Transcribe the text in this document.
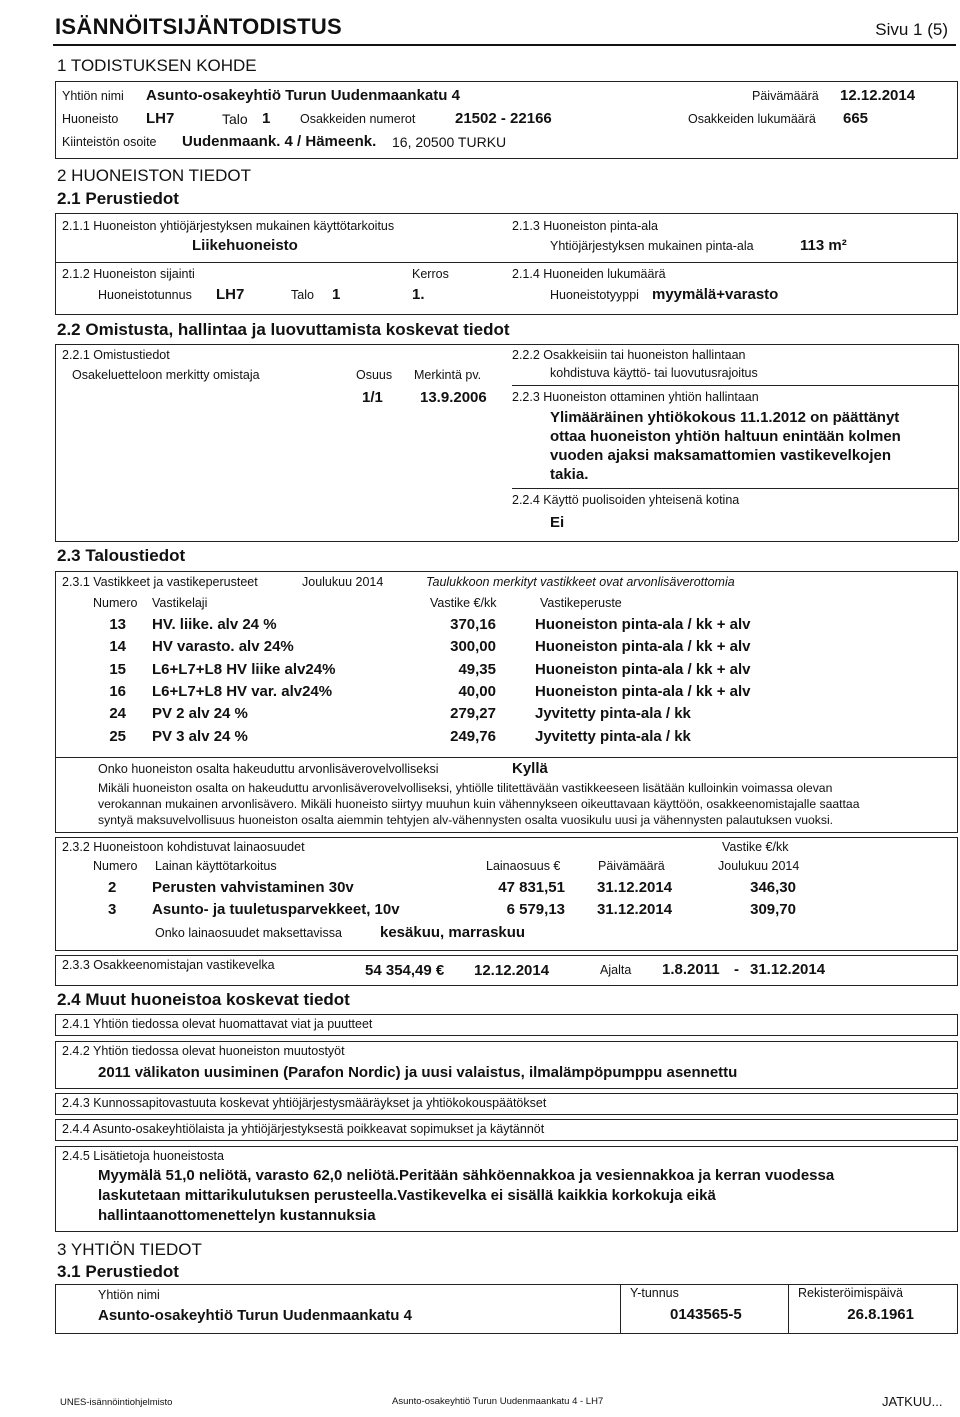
ISÄNNÖITSIJÄNTODISTUS	Sivu 1 (5)
1 TODISTUKSEN KOHDE
Yhtiön nimi Asunto-osakeyhtiö Turun Uudenmaankatu 4	Päivämäärä 12.12.2014
Huoneisto LH7	Talo 1 Osakkeiden numerot	21502 - 22166	Osakkeiden lukumäärä 665
Kiinteistön osoite Uudenmaank. 4 / Hämeenk. 16, 20500 TURKU
2 HUONEISTON TIEDOT
2.1 Perustiedot
2.1.1 Huoneiston yhtiöjärjestyksen mukainen käyttötarkoitus
Liikehuoneisto
2.1.3 Huoneiston pinta-ala
Yhtiöjärjestyksen mukainen pinta-ala	113 m²
2.1.2 Huoneiston sijainti	Kerros	2.1.4 Huoneiden lukumäärä
Huoneistotunnus LH7	Talo 1	1.	Huoneistotyyppi myymälä+varasto
2.2 Omistusta, hallintaa ja luovuttamista koskevat tiedot
2.2.1 Omistustiedot
Osakeluetteloon merkitty omistaja	Osuus Merkintä pv.
1/1 13.9.2006
2.2.2 Osakkeisiin tai huoneiston hallintaan
kohdistuva käyttö- tai luovutusrajoitus
2.2.3 Huoneiston ottaminen yhtiön hallintaan
Ylimääräinen yhtiökokous 11.1.2012 on päättänyt
ottaa huoneiston yhtiön haltuun enintään kolmen
vuoden ajaksi maksamattomien vastikevelkojen
takia.
2.2.4 Käyttö puolisoiden yhteisenä kotina
Ei
2.3 Taloustiedot
2.3.1 Vastikkeet ja vastikeperusteet	Joulukuu 2014	Taulukkoon merkityt vastikkeet ovat arvonlisäverottomia
Numero Vastikelaji	Vastike €/kk	Vastikeperuste
13 HV. liike. alv 24 %	370,16	Huoneiston pinta-ala / kk + alv
14 HV varasto. alv 24%	300,00	Huoneiston pinta-ala / kk + alv
15 L6+L7+L8 HV liike alv24%	49,35	Huoneiston pinta-ala / kk + alv
16 L6+L7+L8 HV var. alv24%	40,00	Huoneiston pinta-ala / kk + alv
24 PV 2 alv 24 %	279,27	Jyvitetty pinta-ala / kk
25 PV 3 alv 24 %	249,76	Jyvitetty pinta-ala / kk
Onko huoneiston osalta hakeuduttu arvonlisäverovelvolliseksi	Kyllä
Mikäli huoneiston osalta on hakeuduttu arvonlisäverovelvolliseksi, yhtiölle tilitettävään vastikkeeseen lisätään kulloinkin voimassa olevan verokannan mukainen arvonlisävero. Mikäli huoneisto siirtyy muuhun kuin vähennykseen oikeuttavaan käyttöön, osakkeenomistajalle saattaa syntyä maksuvelvollisuus huoneiston osalta aiemmin tehtyjen alv-vähennysten osalta vuosikulu uusi ja vähennysten palautuksen vuoksi.
2.3.2 Huoneistoon kohdistuvat lainaosuudet	Vastike €/kk
Numero Lainan käyttötarkoitus	Lainaosuus €	Päivämäärä	Joulukuu 2014
2 Perusten vahvistaminen 30v	47 831,51 31.12.2014	346,30
3 Asunto- ja tuuletusparvekkeet, 10v	6 579,13 31.12.2014	309,70
Onko lainaosuudet maksettavissa	kesäkuu, marraskuu
2.3.3 Osakkeenomistajan vastikevelka	54 354,49 € 12.12.2014	Ajalta 1.8.2011 - 31.12.2014
2.4 Muut huoneistoa koskevat tiedot
2.4.1 Yhtiön tiedossa olevat huomattavat viat ja puutteet
2.4.2 Yhtiön tiedossa olevat huoneiston muutostyöt
2011 välikaton uusiminen (Parafon Nordic) ja uusi valaistus, ilmalämpöpumppu asennettu
2.4.3 Kunnossapitovastuuta koskevat yhtiöjärjestysmääräykset ja yhtiökokouspäätökset
2.4.4 Asunto-osakeyhtiölaista ja yhtiöjärjestyksestä poikkeavat sopimukset ja käytännöt
2.4.5 Lisätietoja huoneistosta
Myymälä 51,0 neliötä, varasto 62,0 neliötä.Peritään sähköennakkoa ja vesiennakkoa ja kerran vuodessa
laskutetaan mittarikulutuksen perusteella.Vastikevelka ei sisällä kaikkia korkokuja eikä
hallintaanottomenettelyn kustannuksia
3 YHTIÖN TIEDOT
3.1 Perustiedot
Yhtiön nimi
Asunto-osakeyhtiö Turun Uudenmaankatu 4
Y-tunnus
0143565-5
Rekisteröimispäivä
26.8.1961
UNES-isännöintiohjelmisto	Asunto-osakeyhtiö Turun Uudenmaankatu 4 - LH7	JATKUU...
